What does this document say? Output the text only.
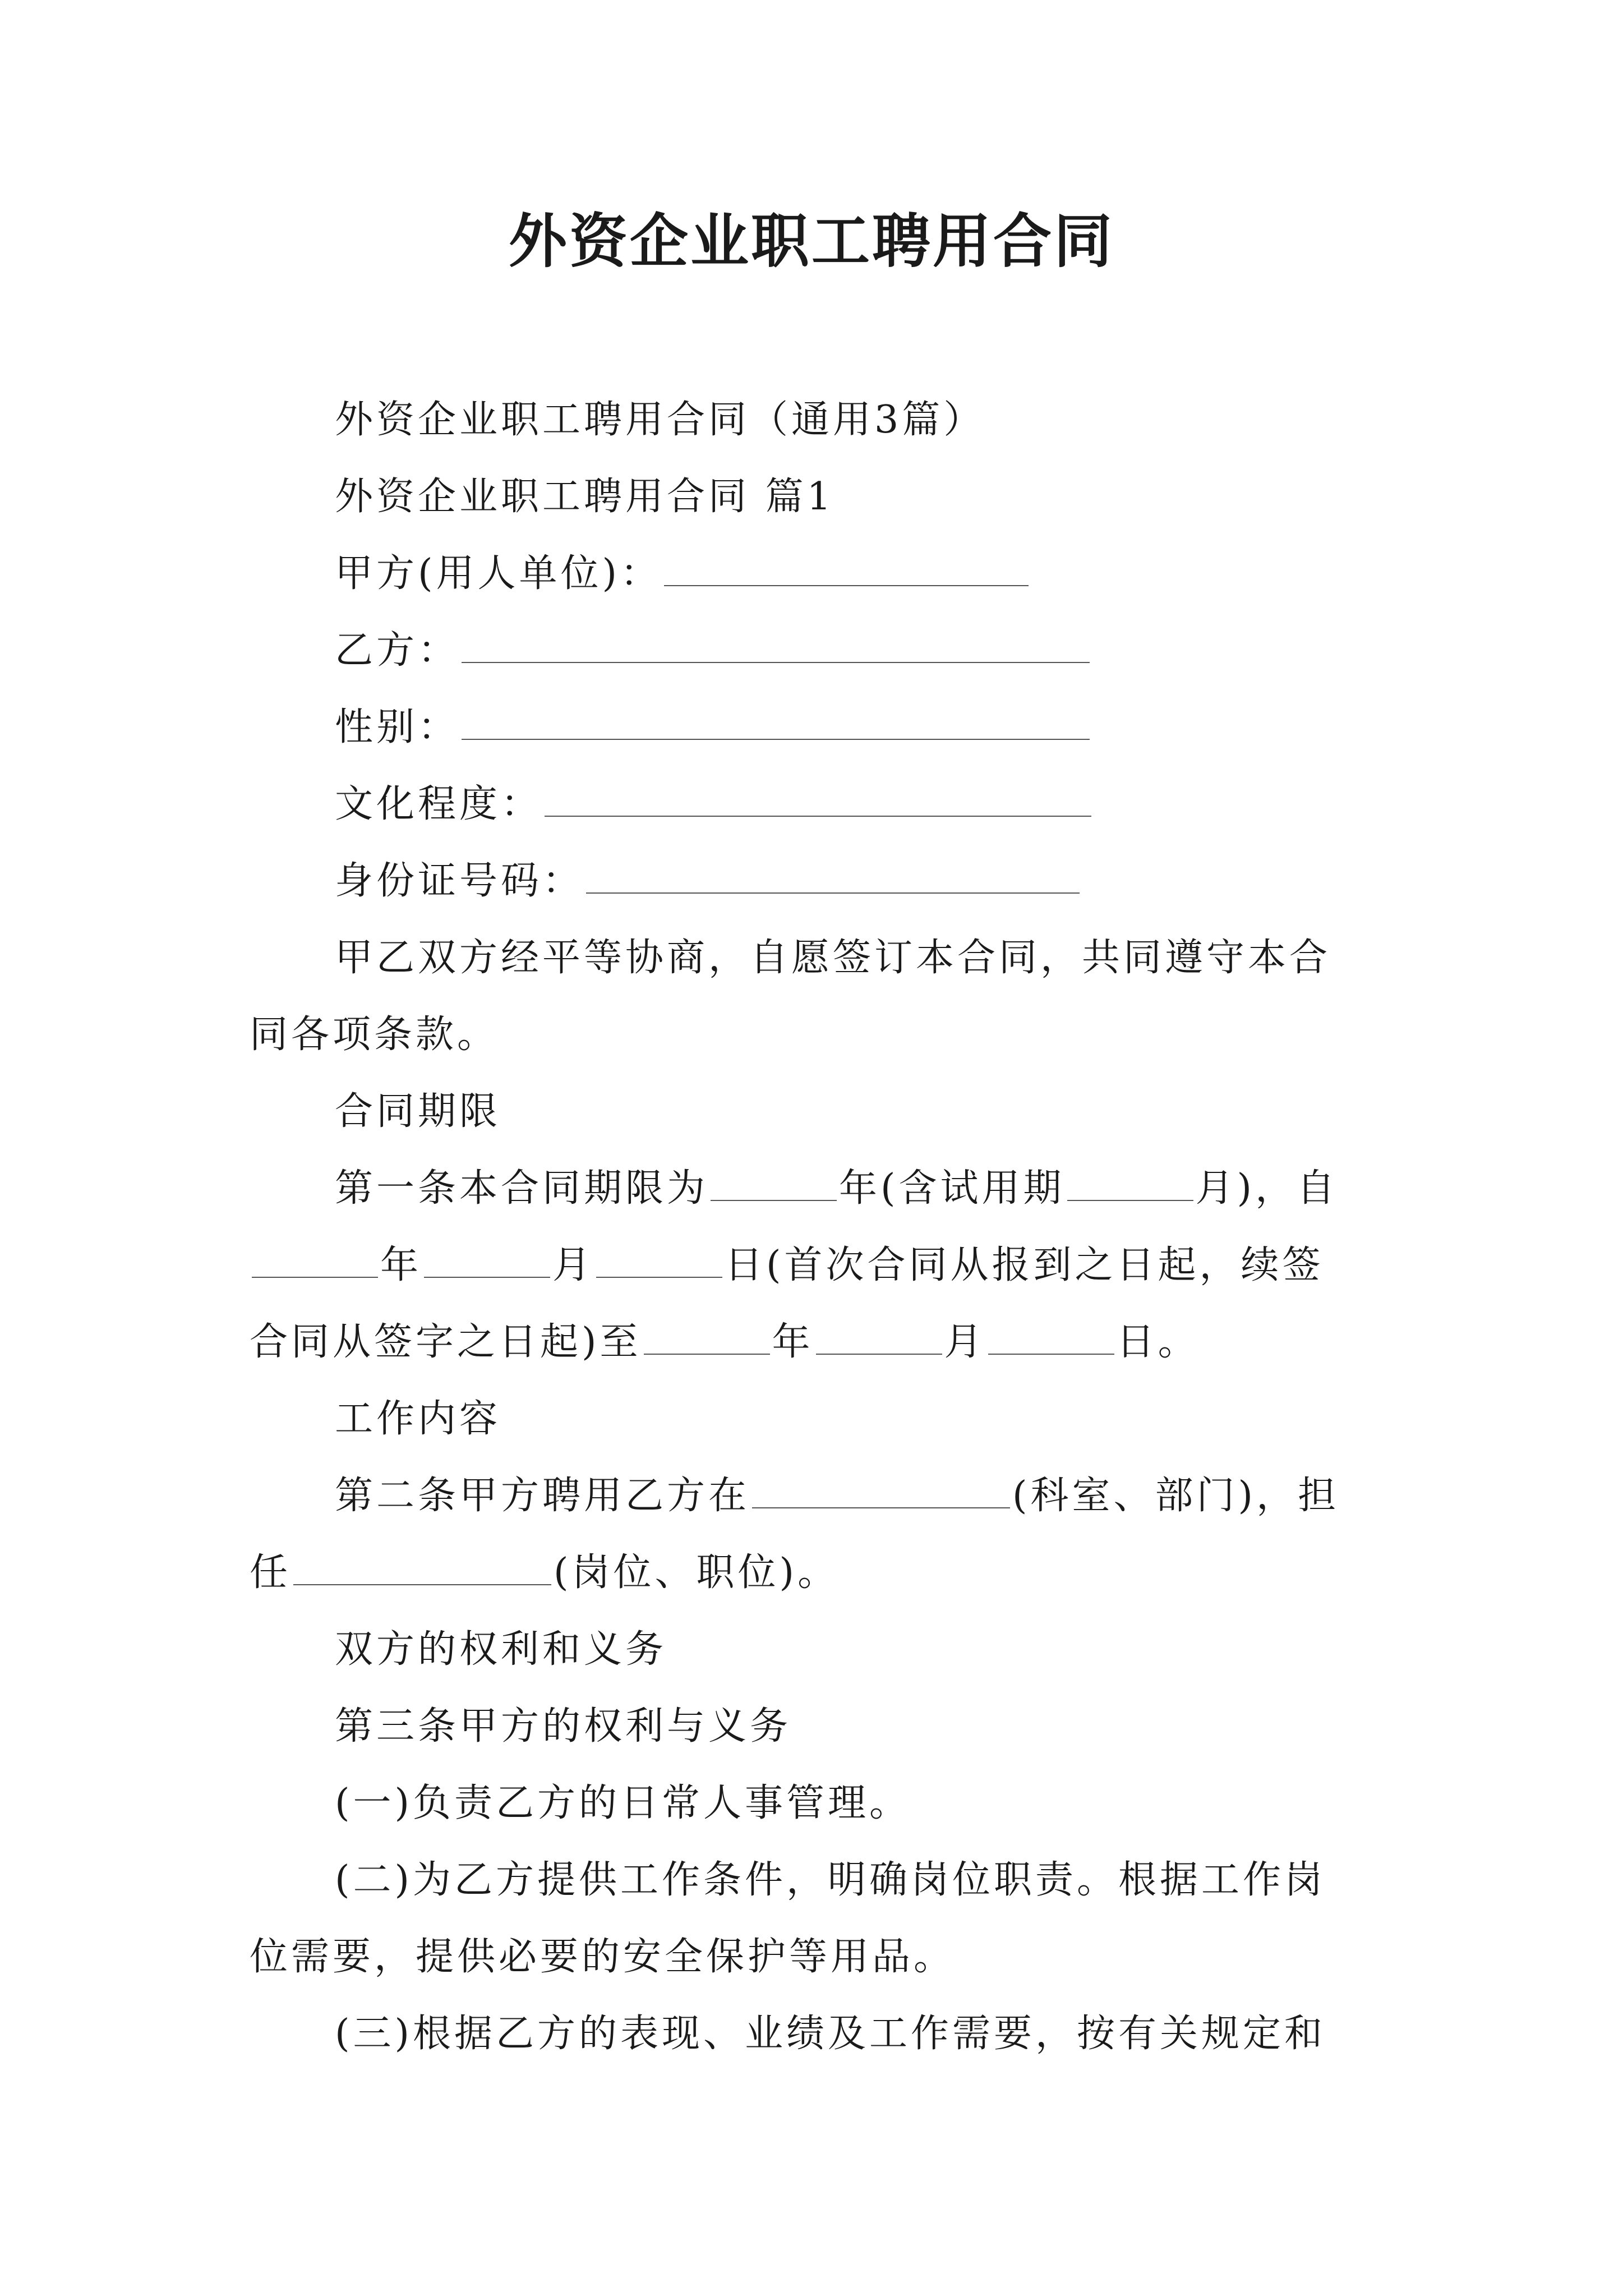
外资企业职工聘用合同
外资企业职工聘用合同（通用3篇）
外资企业职工聘用合同 篇1
甲方(用人单位)：
乙方：
性别：
文化程度：
身份证号码：
甲乙双方经平等协商，自愿签订本合同，共同遵守本合
同各项条款。
合同期限
第一条本合同期限为	年(含试用期	月)，自
年	月	日(首次合同从报到之日起，续签
合同从签字之日起)至	年	月	日。
工作内容
第二条甲方聘用乙方在	(科室、部门)，担
任	(岗位、职位)。
双方的权利和义务
第三条甲方的权利与义务
(一)负责乙方的日常人事管理。
(二)为乙方提供工作条件，明确岗位职责。根据工作岗
位需要，提供必要的安全保护等用品。
(三)根据乙方的表现、业绩及工作需要，按有关规定和
